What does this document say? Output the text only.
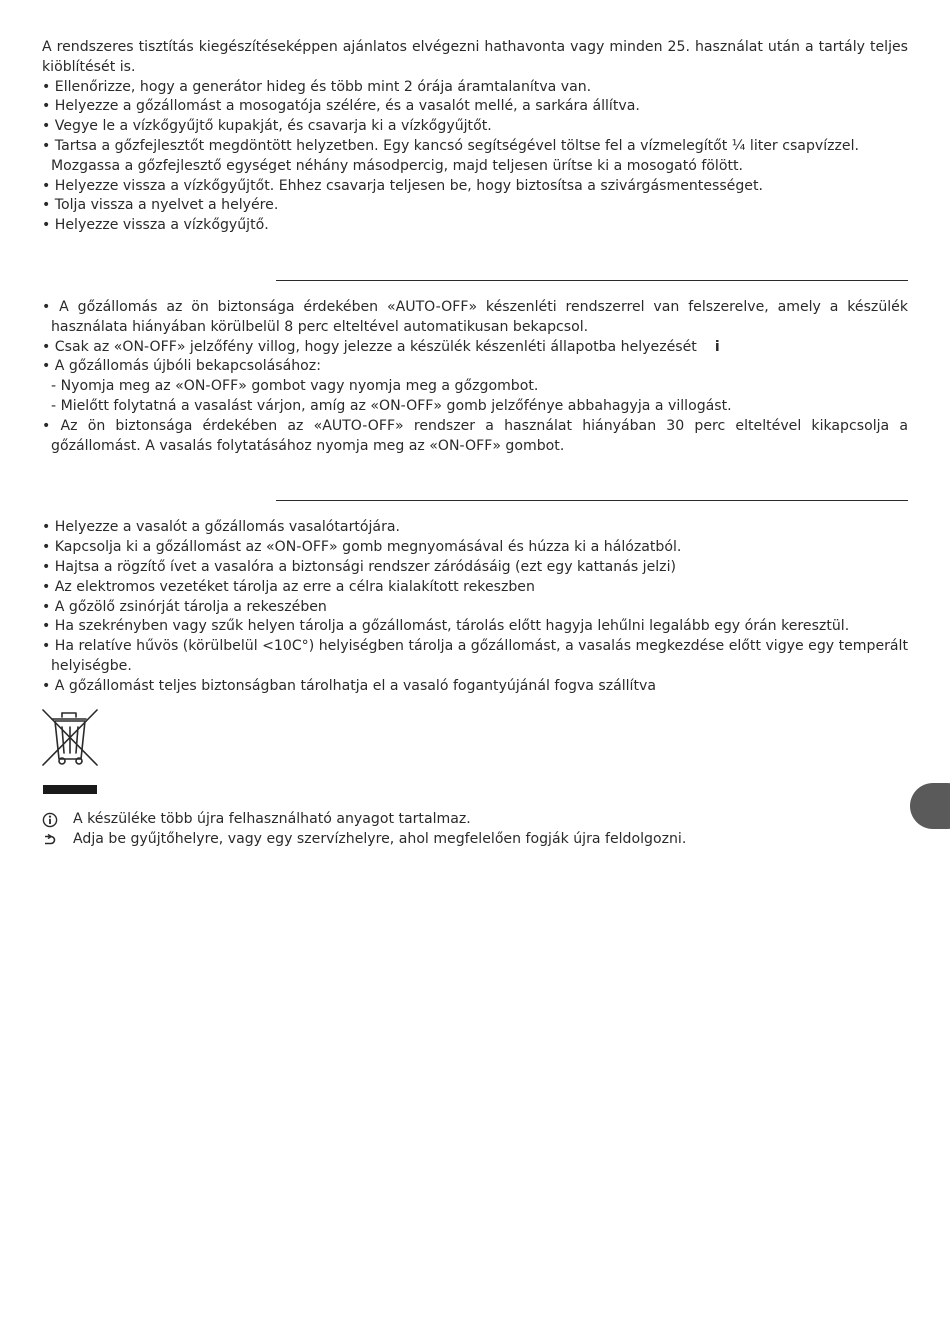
A rendszeres tisztítás kiegészítéseképpen ajánlatos elvégezni hathavonta vagy minden 25. használat után a tartály teljes kiöblítését is.

• Ellenőrizze, hogy a generátor hideg és több mint 2 órája áramtalanítva van.

• Helyezze a gőzállomást a mosogatója szélére, és a vasalót mellé, a sarkára állítva.

• Vegye le a vízkőgyűjtő kupakját, és csavarja ki a vízkőgyűjtőt.

• Tartsa a gőzfejlesztőt megdöntött helyzetben. Egy kancsó segítségével töltse fel a vízmelegítőt ¼ liter csapvízzel. Mozgassa a gőzfejlesztő egységet néhány másodpercig, majd teljesen ürítse ki a mosogató fölött.

• Helyezze vissza a vízkőgyűjtőt. Ehhez csavarja teljesen be, hogy biztosítsa a szivárgásmentességet.

• Tolja vissza a nyelvet a helyére.

• Helyezze vissza a vízkőgyűjtő.

• A gőzállomás az ön biztonsága érdekében «AUTO-OFF» készenléti rendszerrel van felszerelve, amely a készülék használata hiányában körülbelül 8 perc elteltével automatikusan bekapcsol.

• Csak az «ON-OFF» jelzőfény villog, hogy jelezze a készülék készenléti állapotba helyezését i

• A gőzállomás újbóli bekapcsolásához:

- Nyomja meg az «ON-OFF» gombot vagy nyomja meg a gőzgombot.

- Mielőtt folytatná a vasalást várjon, amíg az «ON-OFF» gomb jelzőfénye abbahagyja a villogást.

• Az ön biztonsága érdekében az «AUTO-OFF» rendszer a használat hiányában 30 perc elteltével kikapcsolja a gőzállomást. A vasalás folytatásához nyomja meg az «ON-OFF» gombot.

• Helyezze a vasalót a gőzállomás vasalótartójára.

• Kapcsolja ki a gőzállomást az «ON-OFF» gomb megnyomásával és húzza ki a hálózatból.

• Hajtsa a rögzítő ívet a vasalóra a biztonsági rendszer záródásáig (ezt egy kattanás jelzi)

• Az elektromos vezetéket tárolja az erre a célra kialakított rekeszben

• A gőzölő zsinórját tárolja a rekeszében

• Ha szekrényben vagy szűk helyen tárolja a gőzállomást, tárolás előtt hagyja lehűlni legalább egy órán keresztül.

• Ha relatíve hűvös (körülbelül <10C°) helyiségben tárolja a gőzállomást, a vasalás megkezdése előtt vigye egy temperált helyiségbe.

• A gőzállomást teljes biztonságban tárolhatja el a vasaló fogantyújánál fogva szállítva

A készüléke több újra felhasználható anyagot tartalmaz.
Adja be gyűjtőhelyre, vagy egy szervízhelyre, ahol megfelelően fogják újra feldolgozni.
